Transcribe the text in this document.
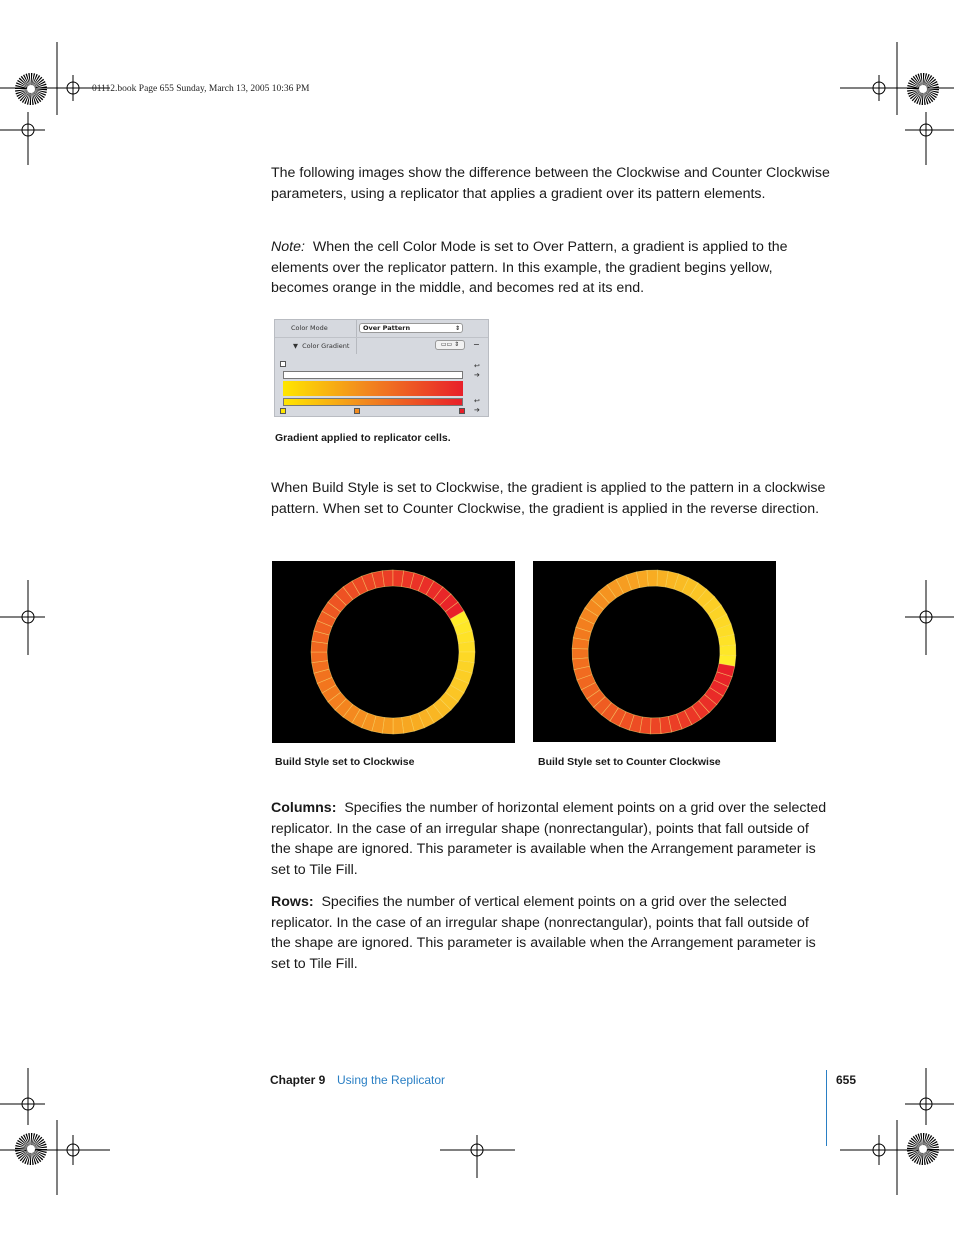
01112.book Page 655 Sunday, March 13, 2005 10:36 PM

The following images show the difference between the Clockwise and Counter Clockwise parameters, using a replicator that applies a gradient over its pattern elements.

Note: When the cell Color Mode is set to Over Pattern, a gradient is applied to the elements over the replicator pattern. In this example, the gradient begins yellow, becomes orange in the middle, and becomes red at its end.

Color Mode	Over Pattern	⇕
▼ Color Gradient	▭▭ ⇕	−
↩
➔
↩
➔
Gradient applied to replicator cells.

When Build Style is set to Clockwise, the gradient is applied to the pattern in a clockwise pattern. When set to Counter Clockwise, the gradient is applied in the reverse direction.

Build Style set to Clockwise	Build Style set to Counter Clockwise

Columns: Specifies the number of horizontal element points on a grid over the selected replicator. In the case of an irregular shape (nonrectangular), points that fall outside of the shape are ignored. This parameter is available when the Arrangement parameter is set to Tile Fill.

Rows: Specifies the number of vertical element points on a grid over the selected replicator. In the case of an irregular shape (nonrectangular), points that fall outside of the shape are ignored. This parameter is available when the Arrangement parameter is set to Tile Fill.

Chapter 9 Using the Replicator	655
